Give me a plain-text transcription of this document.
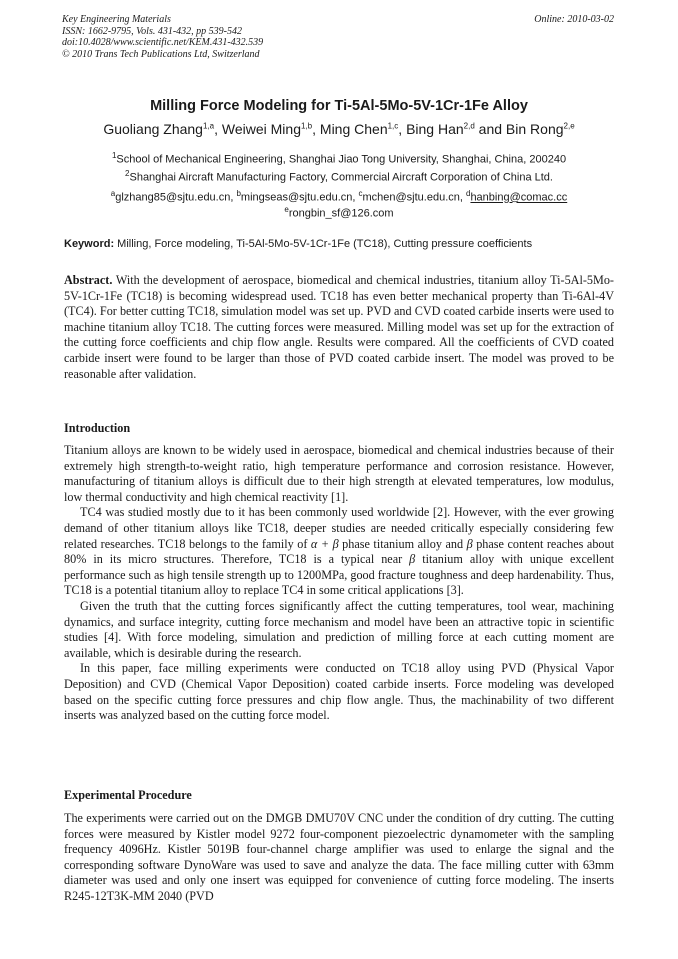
Key Engineering Materials
ISSN: 1662-9795, Vols. 431-432, pp 539-542
doi:10.4028/www.scientific.net/KEM.431-432.539
© 2010 Trans Tech Publications Ltd, Switzerland
Online: 2010-03-02
Milling Force Modeling for Ti-5Al-5Mo-5V-1Cr-1Fe Alloy
Guoliang Zhang$^{1,a}$, Weiwei Ming$^{1,b}$, Ming Chen$^{1,c}$, Bing Han$^{2,d}$ and Bin Rong$^{2,e}$
$^1$School of Mechanical Engineering, Shanghai Jiao Tong University, Shanghai, China, 200240
$^2$Shanghai Aircraft Manufacturing Factory, Commercial Aircraft Corporation of China Ltd.
$^a$glzhang85@sjtu.edu.cn, $^b$mingseas@sjtu.edu.cn, $^c$mchen@sjtu.edu.cn, $^d$hanbing@comac.cc
$^e$rongbin_sf@126.com
Keyword: Milling, Force modeling, Ti-5Al-5Mo-5V-1Cr-1Fe (TC18), Cutting pressure coefficients

Abstract. With the development of aerospace, biomedical and chemical industries, titanium alloy Ti-5Al-5Mo-5V-1Cr-1Fe (TC18) is becoming widespread used. TC18 has even better mechanical property than Ti-6Al-4V (TC4). For better cutting TC18, simulation model was set up. PVD and CVD coated carbide inserts were used to machine titanium alloy TC18. The cutting forces were measured. Milling model was set up for the extraction of the cutting force coefficients and chip flow angle. Results were compared. All the coefficients of CVD coated carbide insert were found to be larger than those of PVD coated carbide insert. The model was proved to be reasonable after validation.

Introduction

Titanium alloys are known to be widely used in aerospace, biomedical and chemical industries because of their extremely high strength-to-weight ratio, high temperature performance and corrosion resistance. However, manufacturing of titanium alloys is difficult due to their high strength at elevated temperatures, low modulus, low thermal conductivity and high chemical reactivity [1].

TC4 was studied mostly due to it has been commonly used worldwide [2]. However, with the ever growing demand of other titanium alloys like TC18, deeper studies are needed critically especially considering few related researches. TC18 belongs to the family of α + β phase titanium alloy and β phase content reaches about 80% in its micro structures. Therefore, TC18 is a typical near β titanium alloy with unique excellent performance such as high tensile strength up to 1200MPa, good fracture toughness and deep hardenability. Thus, TC18 is a potential titanium alloy to replace TC4 in some critical applications [3].

Given the truth that the cutting forces significantly affect the cutting temperatures, tool wear, machining dynamics, and surface integrity, cutting force mechanism and model have been an attractive topic in scientific studies [4]. With force modeling, simulation and prediction of milling force at each cutting moment are available, which is desirable during the research.

In this paper, face milling experiments were conducted on TC18 alloy using PVD (Physical Vapor Deposition) and CVD (Chemical Vapor Deposition) coated carbide inserts. Force modeling was developed based on the specific cutting force pressures and chip flow angle. Thus, the machinability of two different inserts was analyzed based on the cutting force model.

Experimental Procedure

The experiments were carried out on the DMGB DMU70V CNC under the condition of dry cutting. The cutting forces were measured by Kistler model 9272 four-component piezoelectric dynamometer with the sampling frequency 4096Hz. Kistler 5019B four-channel charge amplifier was used to enlarge the signal and the corresponding software DynoWare was used to save and analyze the data. The face milling cutter with 63mm diameter was used and only one insert was equipped for convenience of cutting force modeling. The inserts R245-12T3K-MM 2040 (PVD
